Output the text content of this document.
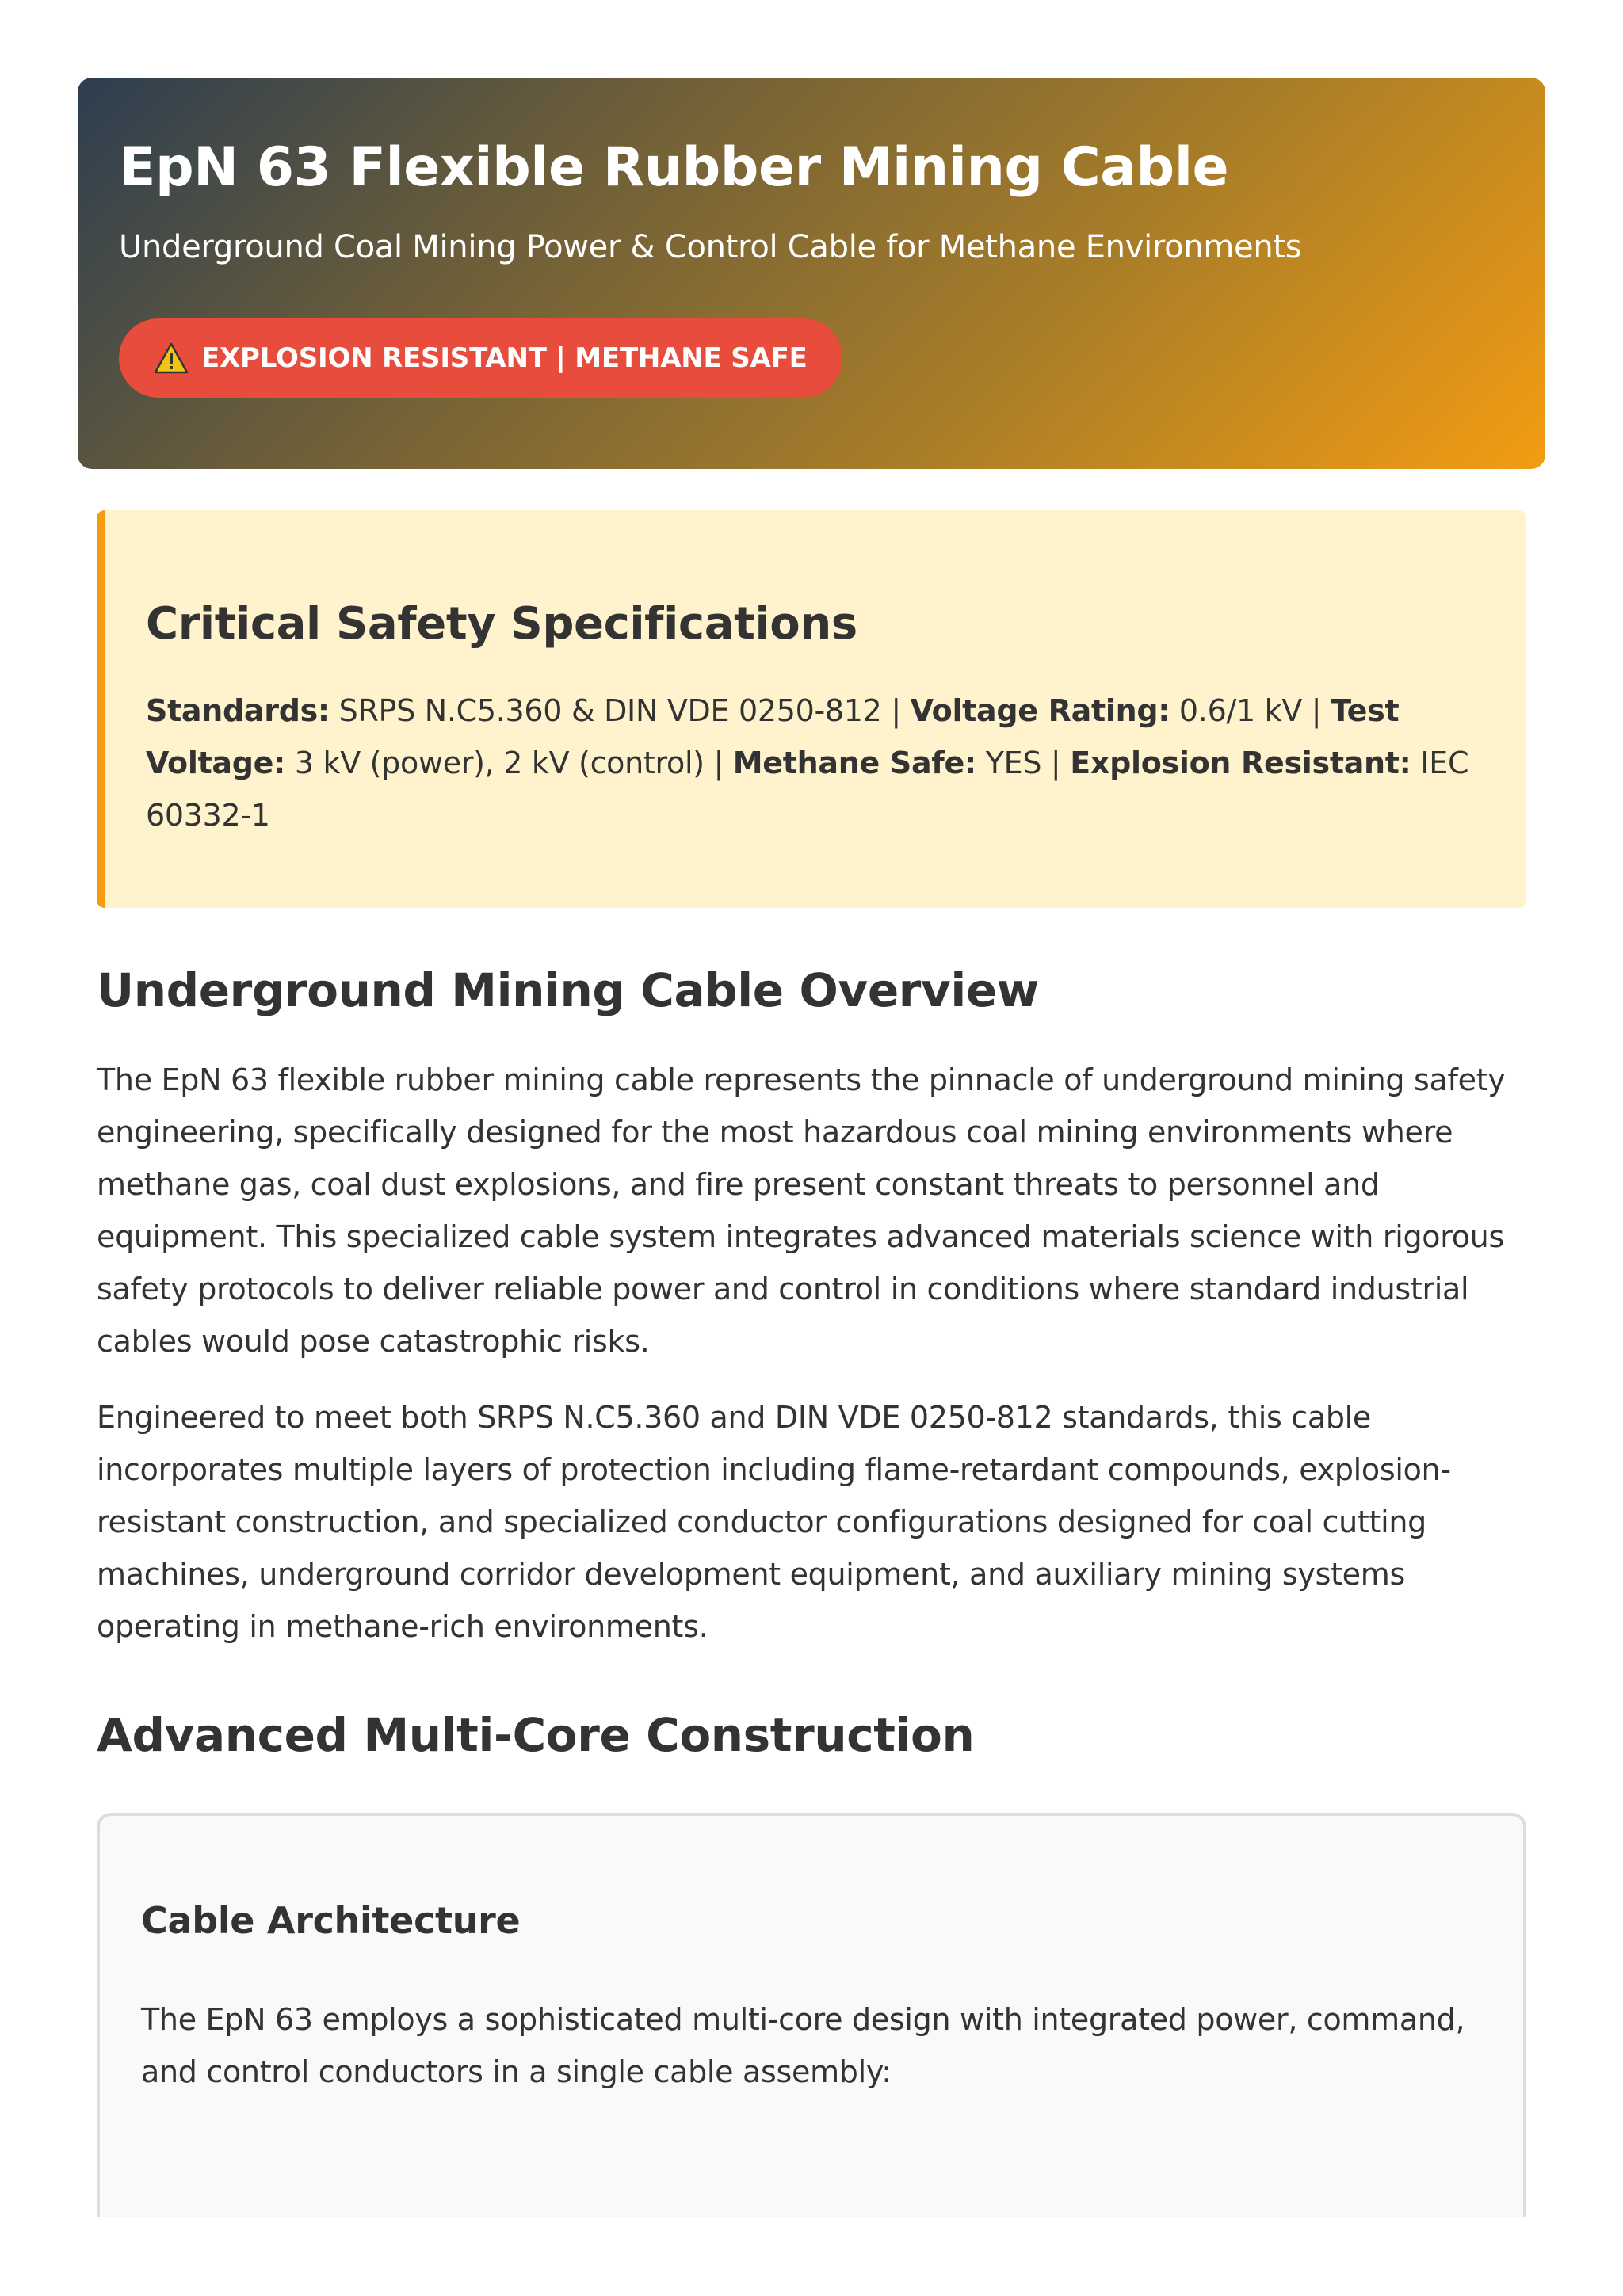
EpN 63 Flexible Rubber Mining Cable

Underground Coal Mining Power & Control Cable for Methane Environments

EXPLOSION RESISTANT | METHANE SAFE
Critical Safety Specifications

Standards: SRPS N.C5.360 & DIN VDE 0250-812 | Voltage Rating: 0.6/1 kV | Test Voltage: 3 kV (power), 2 kV (control) | Methane Safe: YES | Explosion Resistant: IEC 60332-1

Underground Mining Cable Overview

The EpN 63 flexible rubber mining cable represents the pinnacle of underground mining safety engineering, specifically designed for the most hazardous coal mining environments where methane gas, coal dust explosions, and fire present constant threats to personnel and equipment. This specialized cable system integrates advanced materials science with rigorous safety protocols to deliver reliable power and control in conditions where standard industrial cables would pose catastrophic risks.

Engineered to meet both SRPS N.C5.360 and DIN VDE 0250-812 standards, this cable incorporates multiple layers of protection including flame-retardant compounds, explosion-resistant construction, and specialized conductor configurations designed for coal cutting machines, underground corridor development equipment, and auxiliary mining systems operating in methane-rich environments.

Advanced Multi-Core Construction
Cable Architecture

The EpN 63 employs a sophisticated multi-core design with integrated power, command, and control conductors in a single cable assembly:
